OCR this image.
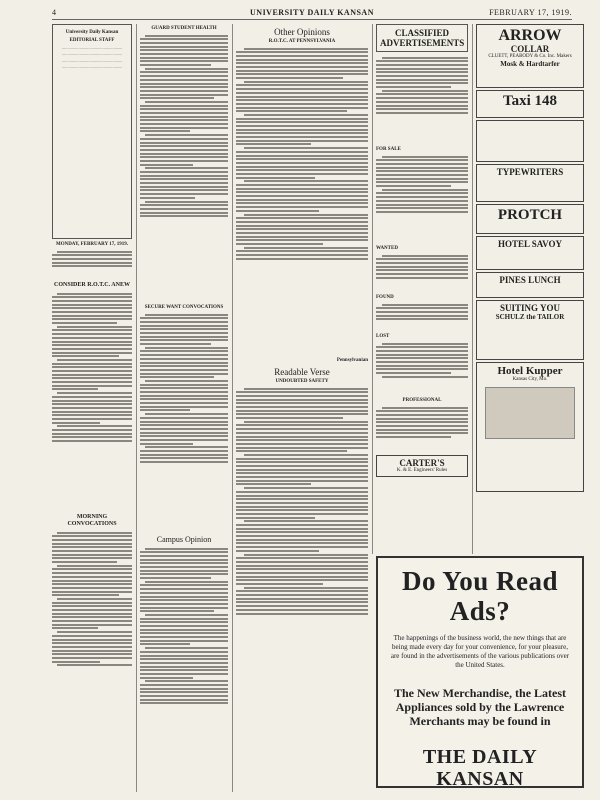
4	UNIVERSITY DAILY KANSAN	FEBRUARY 17, 1919.
University Daily Kansan
EDITORIAL STAFF

.......................................................

.......................................................

.......................................................

.......................................................

MONDAY, FEBRUARY 17, 1919.
CONSIDER R.O.T.C. ANEW
MORNING CONVOCATIONS
GUARD STUDENT HEALTH
SECURE WANT CONVOCATIONS
Campus Opinion
Other Opinions
R.O.T.C. AT PENNSYLVANIA
Pennsylvanian
Readable Verse
UNDOUBTED SAFETY
CLASSIFIED ADVERTISEMENTS
FOR SALE
WANTED
FOUND
LOST
PROFESSIONAL
CARTER'S
K. & E. Engineers' Rules
ARROW
COLLAR
CLUETT, PEABODY & Co. Inc. Makers
Mosk & Hardtarfer
Taxi 148
TYPEWRITERS
PROTCH
HOTEL SAVOY
PINES LUNCH
SUITING YOU
SCHULZ the TAILOR
Hotel Kupper
Kansas City, Mo.
Do You Read Ads?
The happenings of the business world, the new things that are being made every day for your convenience, for your pleasure, are found in the advertisements of the various publications over the United States.
The New Merchandise, the Latest Appliances sold by the Lawrence Merchants may be found in
THE DAILY KANSAN
